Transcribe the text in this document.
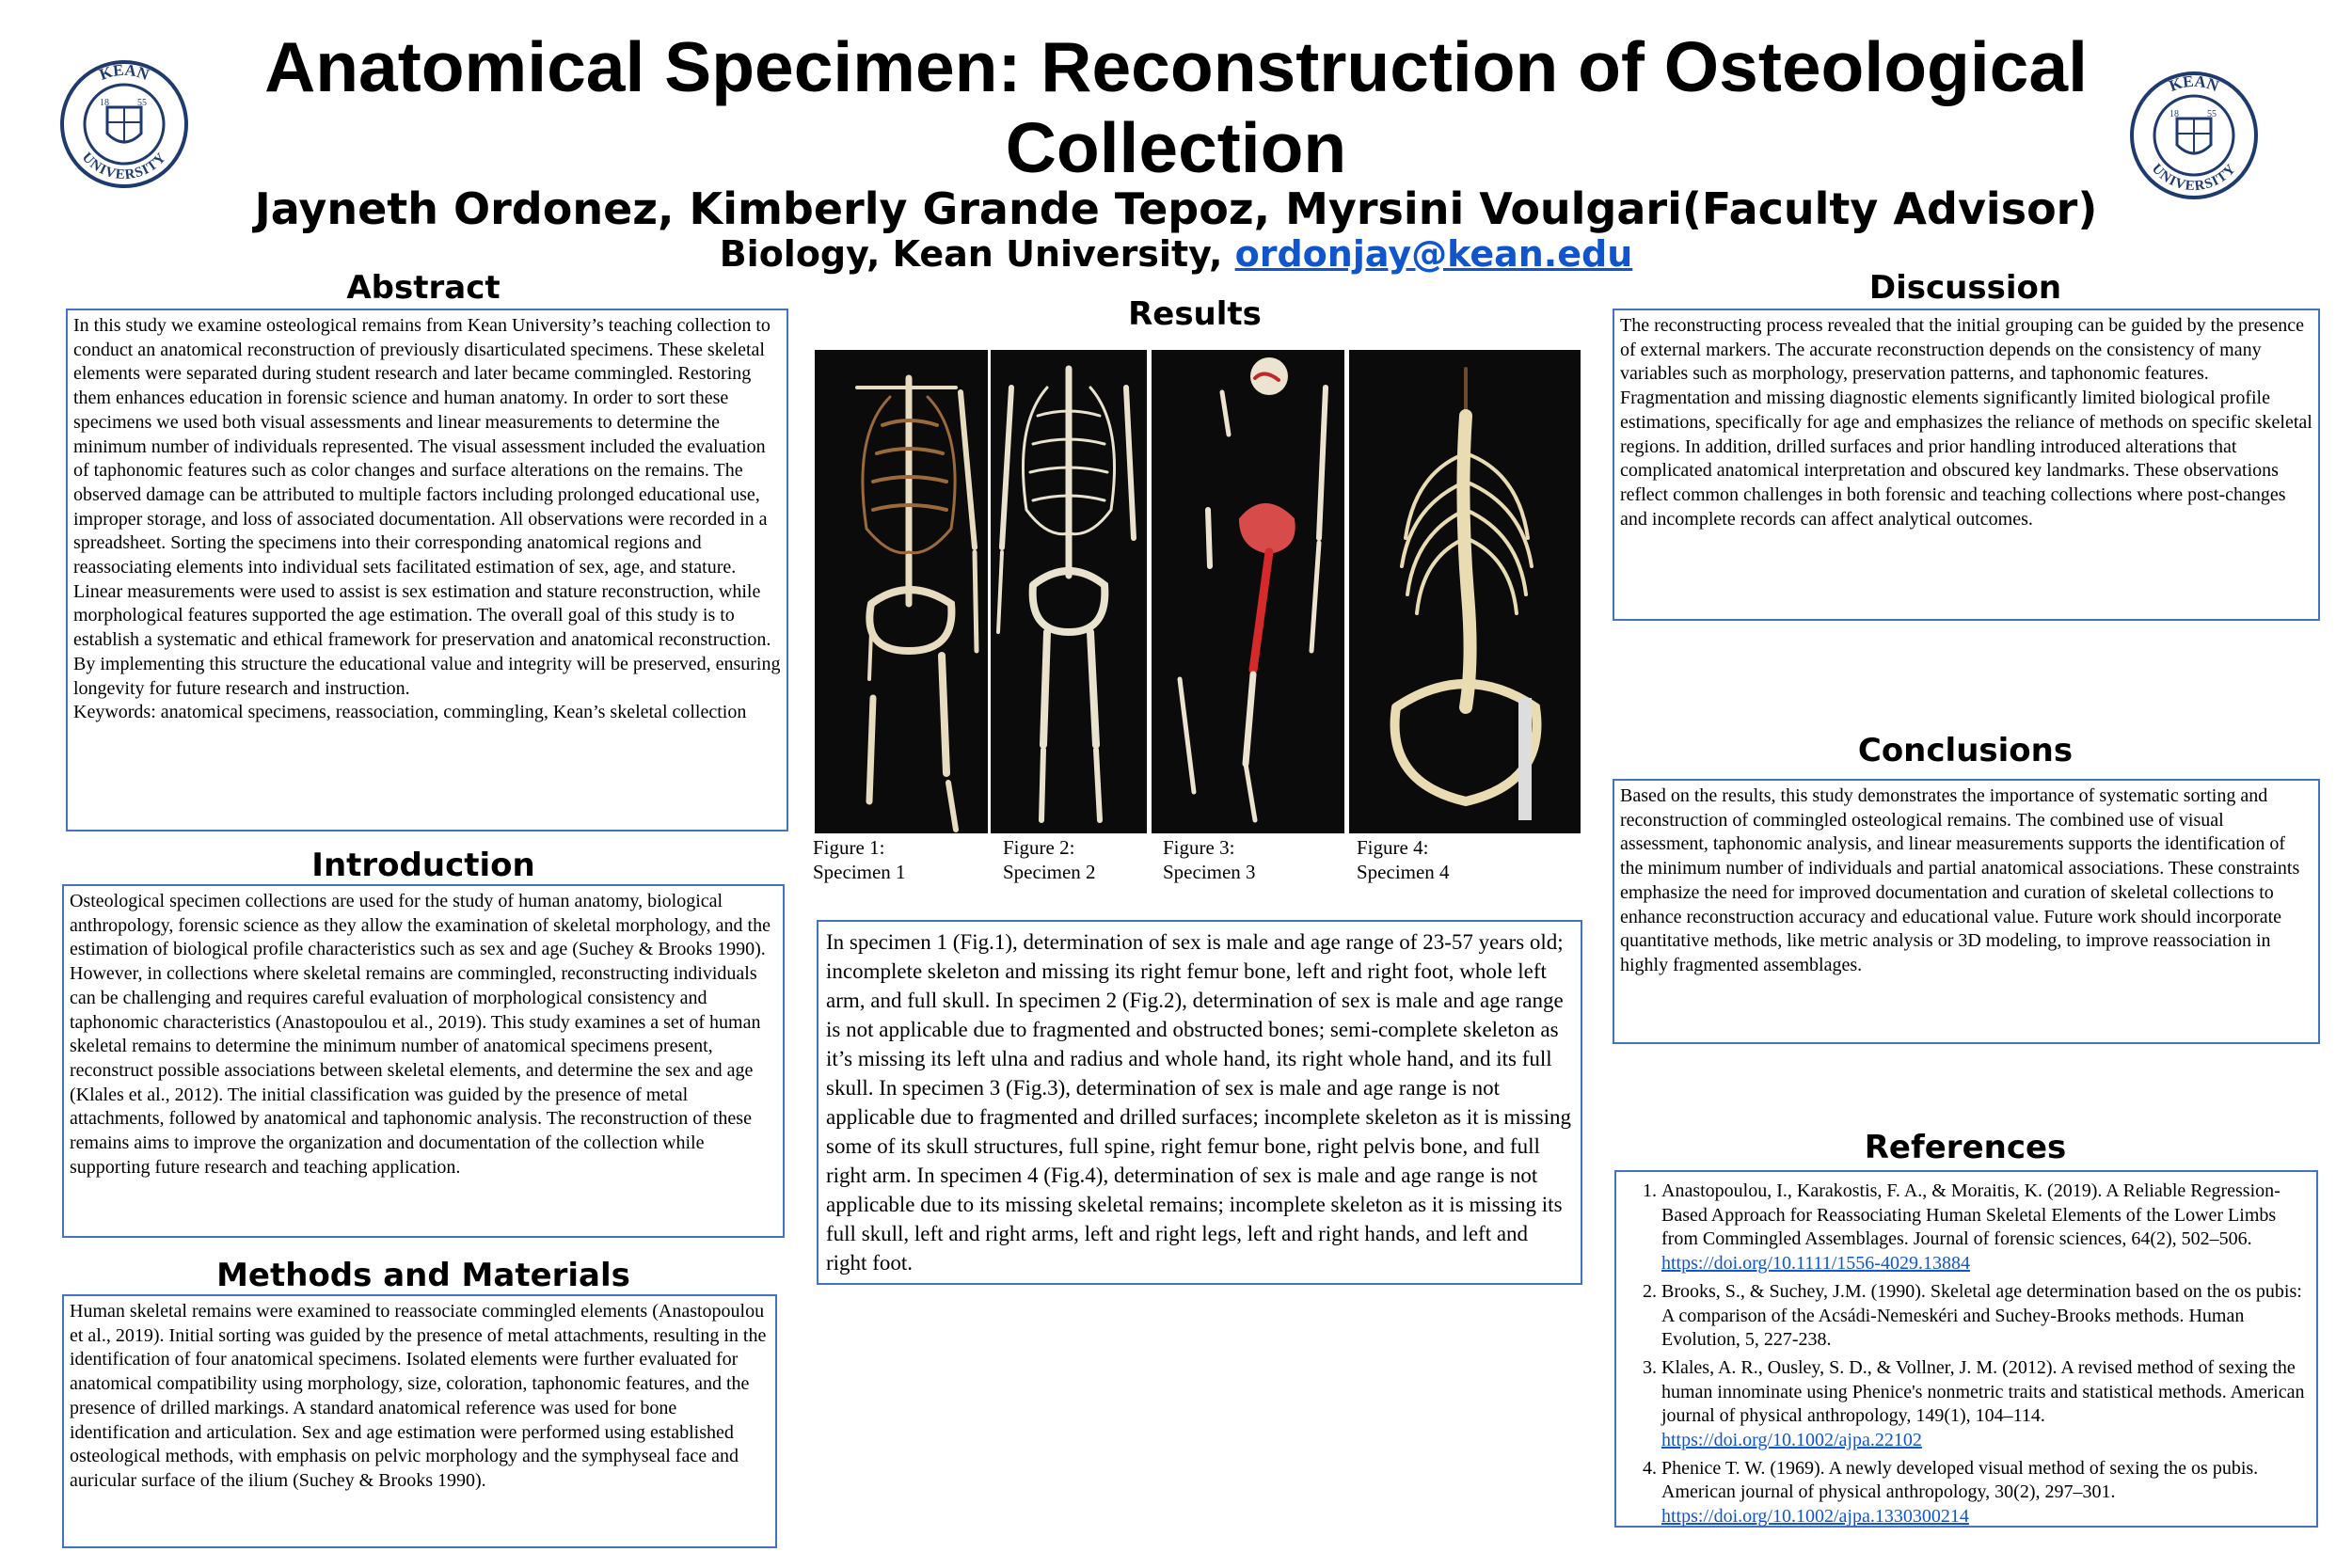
KEAN
UNIVERSITY
18	55
KEAN
UNIVERSITY
18	55
Anatomical Specimen: Reconstruction of Osteological Collection
Jayneth Ordonez, Kimberly Grande Tepoz, Myrsini Voulgari(Faculty Advisor)
Biology, Kean University, ordonjay@kean.edu
Abstract

In this study we examine osteological remains from Kean University’s teaching collection to conduct an anatomical reconstruction of previously disarticulated specimens. These skeletal elements were separated during student research and later became commingled. Restoring them enhances education in forensic science and human anatomy. In order to sort these specimens we used both visual assessments and linear measurements to determine the minimum number of individuals represented. The visual assessment included the evaluation of taphonomic features such as color changes and surface alterations on the remains. The observed damage can be attributed to multiple factors including prolonged educational use, improper storage, and loss of associated documentation. All observations were recorded in a spreadsheet. Sorting the specimens into their corresponding anatomical regions and reassociating elements into individual sets facilitated estimation of sex, age, and stature. Linear measurements were used to assist is sex estimation and stature reconstruction, while morphological features supported the age estimation. The overall goal of this study is to establish a systematic and ethical framework for preservation and anatomical reconstruction. By implementing this structure the educational value and integrity will be preserved, ensuring longevity for future research and instruction.

Keywords: anatomical specimens, reassociation, commingling, Kean’s skeletal collection

Introduction

Osteological specimen collections are used for the study of human anatomy, biological anthropology, forensic science as they allow the examination of skeletal morphology, and the estimation of biological profile characteristics such as sex and age (Suchey & Brooks 1990). However, in collections where skeletal remains are commingled, reconstructing individuals can be challenging and requires careful evaluation of morphological consistency and taphonomic characteristics (Anastopoulou et al., 2019). This study examines a set of human skeletal remains to determine the minimum number of anatomical specimens present, reconstruct possible associations between skeletal elements, and determine the sex and age (Klales et al., 2012). The initial classification was guided by the presence of metal attachments, followed by anatomical and taphonomic analysis. The reconstruction of these remains aims to improve the organization and documentation of the collection while supporting future research and teaching application.

Methods and Materials

Human skeletal remains were examined to reassociate commingled elements (Anastopoulou et al., 2019). Initial sorting was guided by the presence of metal attachments, resulting in the identification of four anatomical specimens. Isolated elements were further evaluated for anatomical compatibility using morphology, size, coloration, taphonomic features, and the presence of drilled markings. A standard anatomical reference was used for bone identification and articulation. Sex and age estimation were performed using established osteological methods, with emphasis on pelvic morphology and the symphyseal face and auricular surface of the ilium (Suchey & Brooks 1990).

Results
Figure 1:
Specimen 1
Figure 2:
Specimen 2
Figure 3:
Specimen 3
Figure 4:
Specimen 4

In specimen 1 (Fig.1), determination of sex is male and age range of 23-57 years old; incomplete skeleton and missing its right femur bone, left and right foot, whole left arm, and full skull. In specimen 2 (Fig.2), determination of sex is male and age range is not applicable due to fragmented and obstructed bones; semi-complete skeleton as it’s missing its left ulna and radius and whole hand, its right whole hand, and its full skull. In specimen 3 (Fig.3), determination of sex is male and age range is not applicable due to fragmented and drilled surfaces; incomplete skeleton as it is missing some of its skull structures, full spine, right femur bone, right pelvis bone, and full right arm. In specimen 4 (Fig.4), determination of sex is male and age range is not applicable due to its missing skeletal remains; incomplete skeleton as it is missing its full skull, left and right arms, left and right legs, left and right hands, and left and right foot.

Discussion

The reconstructing process revealed that the initial grouping can be guided by the presence of external markers. The accurate reconstruction depends on the consistency of many variables such as morphology, preservation patterns, and taphonomic features. Fragmentation and missing diagnostic elements significantly limited biological profile estimations, specifically for age and emphasizes the reliance of methods on specific skeletal regions. In addition, drilled surfaces and prior handling introduced alterations that complicated anatomical interpretation and obscured key landmarks. These observations reflect common challenges in both forensic and teaching collections where post-changes and incomplete records can affect analytical outcomes.

Conclusions

Based on the results, this study demonstrates the importance of systematic sorting and reconstruction of commingled osteological remains. The combined use of visual assessment, taphonomic analysis, and linear measurements supports the identification of the minimum number of individuals and partial anatomical associations. These constraints emphasize the need for improved documentation and curation of skeletal collections to enhance reconstruction accuracy and educational value. Future work should incorporate quantitative methods, like metric analysis or 3D modeling, to improve reassociation in highly fragmented assemblages.

References
1. Anastopoulou, I., Karakostis, F. A., & Moraitis, K. (2019). A Reliable Regression-Based Approach for Reassociating Human Skeletal Elements of the Lower Limbs from Commingled Assemblages. Journal of forensic sciences, 64(2), 502–506. https://doi.org/10.1111/1556-4029.13884
2. Brooks, S., & Suchey, J.M. (1990). Skeletal age determination based on the os pubis: A comparison of the Acsádi-Nemeskéri and Suchey-Brooks methods. Human Evolution, 5, 227-238.
3. Klales, A. R., Ousley, S. D., & Vollner, J. M. (2012). A revised method of sexing the human innominate using Phenice's nonmetric traits and statistical methods. American journal of physical anthropology, 149(1), 104–114. https://doi.org/10.1002/ajpa.22102
4. Phenice T. W. (1969). A newly developed visual method of sexing the os pubis. American journal of physical anthropology, 30(2), 297–301. https://doi.org/10.1002/ajpa.1330300214
